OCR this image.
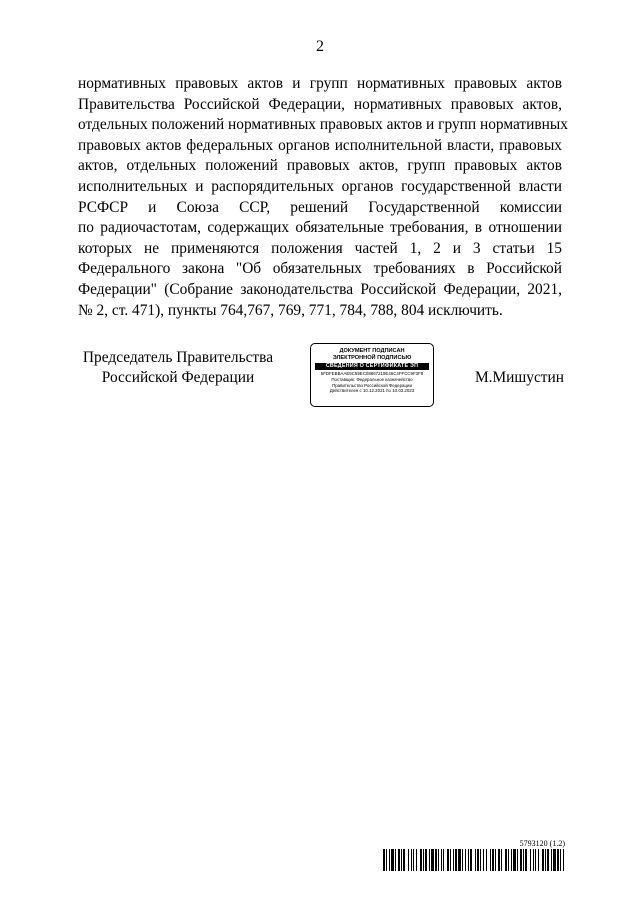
2
нормативных правовых актов и групп нормативных правовых актов
Правительства Российской Федерации, нормативных правовых актов,
отдельных положений нормативных правовых актов и групп нормативных
правовых актов федеральных органов исполнительной власти, правовых
актов, отдельных положений правовых актов, групп правовых актов
исполнительных и распорядительных органов государственной власти
РСФСР и Союза ССР, решений Государственной комиссии
по радиочастотам, содержащих обязательные требования, в отношении
которых не применяются положения частей 1, 2 и 3 статьи 15
Федерального закона "Об обязательных требованиях в Российской
Федерации" (Собрание законодательства Российской Федерации, 2021,
№ 2, ст. 471), пункты 764,767, 769, 771, 784, 788, 804 исключить.
Председатель Правительства
Российской Федерации
ДОКУМЕНТ ПОДПИСАН
ЭЛЕКТРОННОЙ ПОДПИСЬЮ
СВЕДЕНИЯ О СЕРТИФИКАТЕ ЭП
5FDFEBBAAE9C59EC08867219E46C4FFCC9F3F8
Поставщик: Федеральное казначейство
Правительство Российской Федерации
Действителен с 10.12.2021 по 10.03.2023
М.Мишустин
5793120 (1.2)
